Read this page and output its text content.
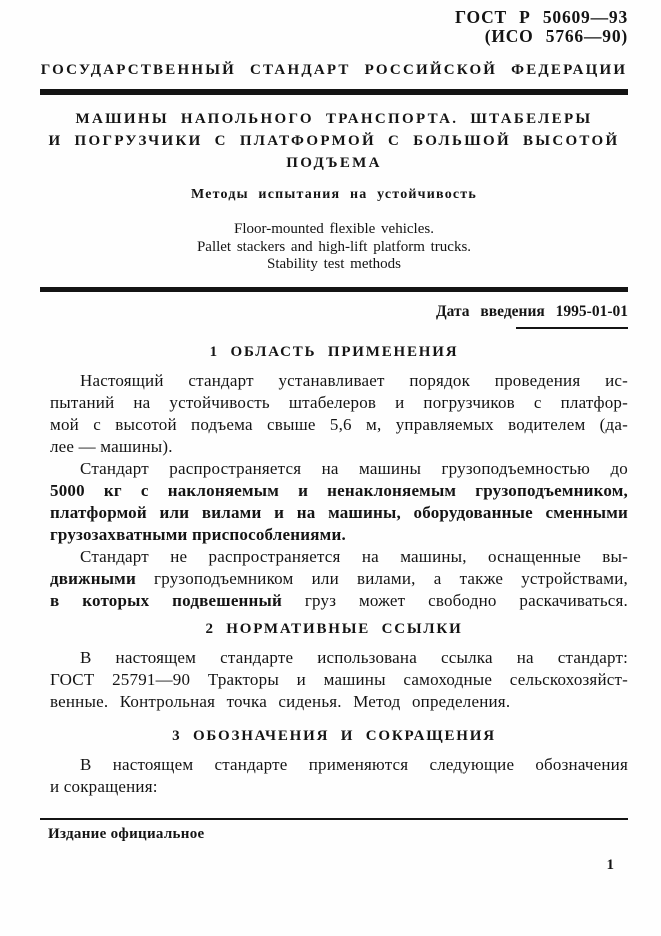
ГОСТ Р 50609—93
(ИСО 5766—90)
ГОСУДАРСТВЕННЫЙ СТАНДАРТ РОССИЙСКОЙ ФЕДЕРАЦИИ
МАШИНЫ НАПОЛЬНОГО ТРАНСПОРТА. ШТАБЕЛЕРЫ
И ПОГРУЗЧИКИ С ПЛАТФОРМОЙ С БОЛЬШОЙ ВЫСОТОЙ ПОДЪЕМА
Методы испытания на устойчивость
Floor-mounted flexible vehicles.
Pallet stackers and high-lift platform trucks.
Stability test methods
Дата введения 1995-01-01
1 ОБЛАСТЬ ПРИМЕНЕНИЯ
Настоящий стандарт устанавливает порядок проведения ис-
пытаний на устойчивость штабелеров и погрузчиков с платфор-
мой с высотой подъема свыше 5,6 м, управляемых водителем (да-
лее — машины).
Стандарт распространяется на машины грузоподъемностью до
5000 кг с наклоняемым и ненаклоняемым грузоподъемником,
платформой или вилами и на машины, оборудованные сменными
грузозахватными приспособлениями.
Стандарт не распространяется на машины, оснащенные вы-
движными грузоподъемником или вилами, а также устройствами,
в которых подвешенный груз может свободно раскачиваться.
2 НОРМАТИВНЫЕ ССЫЛКИ
В настоящем стандарте использована ссылка на стандарт:
ГОСТ 25791—90 Тракторы и машины самоходные сельскохозяйст-
венные. Контрольная точка сиденья. Метод определения.
3 ОБОЗНАЧЕНИЯ И СОКРАЩЕНИЯ
В настоящем стандарте применяются следующие обозначения
и сокращения:
Издание официальное
1
